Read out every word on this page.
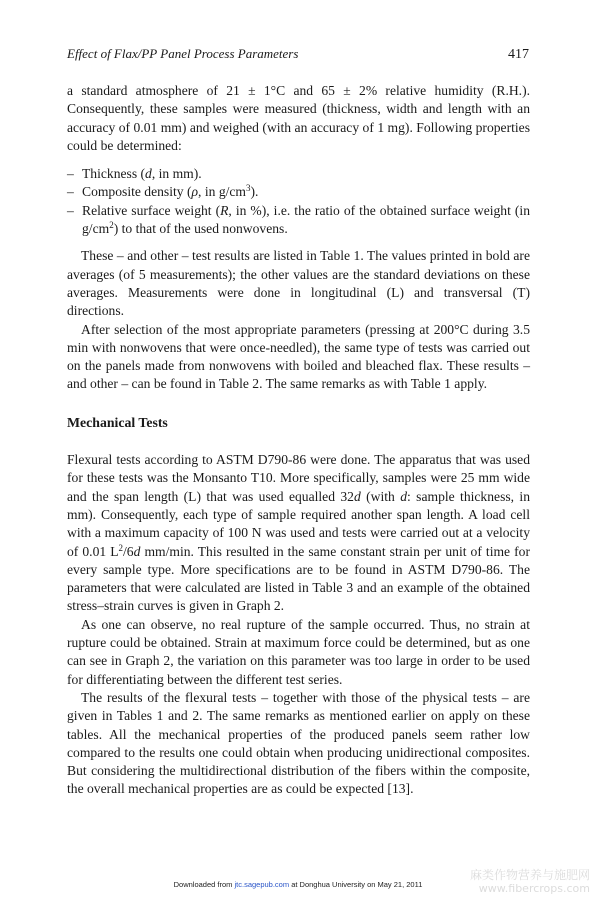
Effect of Flax/PP Panel Process Parameters	417

a standard atmosphere of 21 ± 1°C and 65 ± 2% relative humidity (R.H.). Consequently, these samples were measured (thickness, width and length with an accuracy of 0.01 mm) and weighed (with an accuracy of 1 mg). Following properties could be determined:

– Thickness (d, in mm).
– Composite density (ρ, in $g/cm^3$).
– Relative surface weight (R, in %), i.e. the ratio of the obtained surface weight (in $g/cm^2$) to that of the used nonwovens.

These – and other – test results are listed in Table 1. The values printed in bold are averages (of 5 measurements); the other values are the standard deviations on these averages. Measurements were done in longitudinal (L) and transversal (T) directions.

After selection of the most appropriate parameters (pressing at 200°C during 3.5 min with nonwovens that were once-needled), the same type of tests was carried out on the panels made from nonwovens with boiled and bleached flax. These results – and other – can be found in Table 2. The same remarks as with Table 1 apply.

Mechanical Tests

Flexural tests according to ASTM D790-86 were done. The apparatus that was used for these tests was the Monsanto T10. More specifically, samples were 25 mm wide and the span length (L) that was used equalled 32d (with d: sample thickness, in mm). Consequently, each type of sample required another span length. A load cell with a maximum capacity of 100 N was used and tests were carried out at a velocity of 0.01 $L^2/6d$ mm/min. This resulted in the same constant strain per unit of time for every sample type. More specifications are to be found in ASTM D790-86. The parameters that were calculated are listed in Table 3 and an example of the obtained stress–strain curves is given in Graph 2.

As one can observe, no real rupture of the sample occurred. Thus, no strain at rupture could be obtained. Strain at maximum force could be determined, but as one can see in Graph 2, the variation on this parameter was too large in order to be used for differentiating between the different test series.

The results of the flexural tests – together with those of the physical tests – are given in Tables 1 and 2. The same remarks as mentioned earlier on apply on these tables. All the mechanical properties of the produced panels seem rather low compared to the results one could obtain when producing unidirectional composites. But considering the multidirectional distribution of the fibers within the composite, the overall mechanical properties are as could be expected [13].

Downloaded from jtc.sagepub.com at Donghua University on May 21, 2011
麻类作物营养与施肥网
www.fibercrops.com
